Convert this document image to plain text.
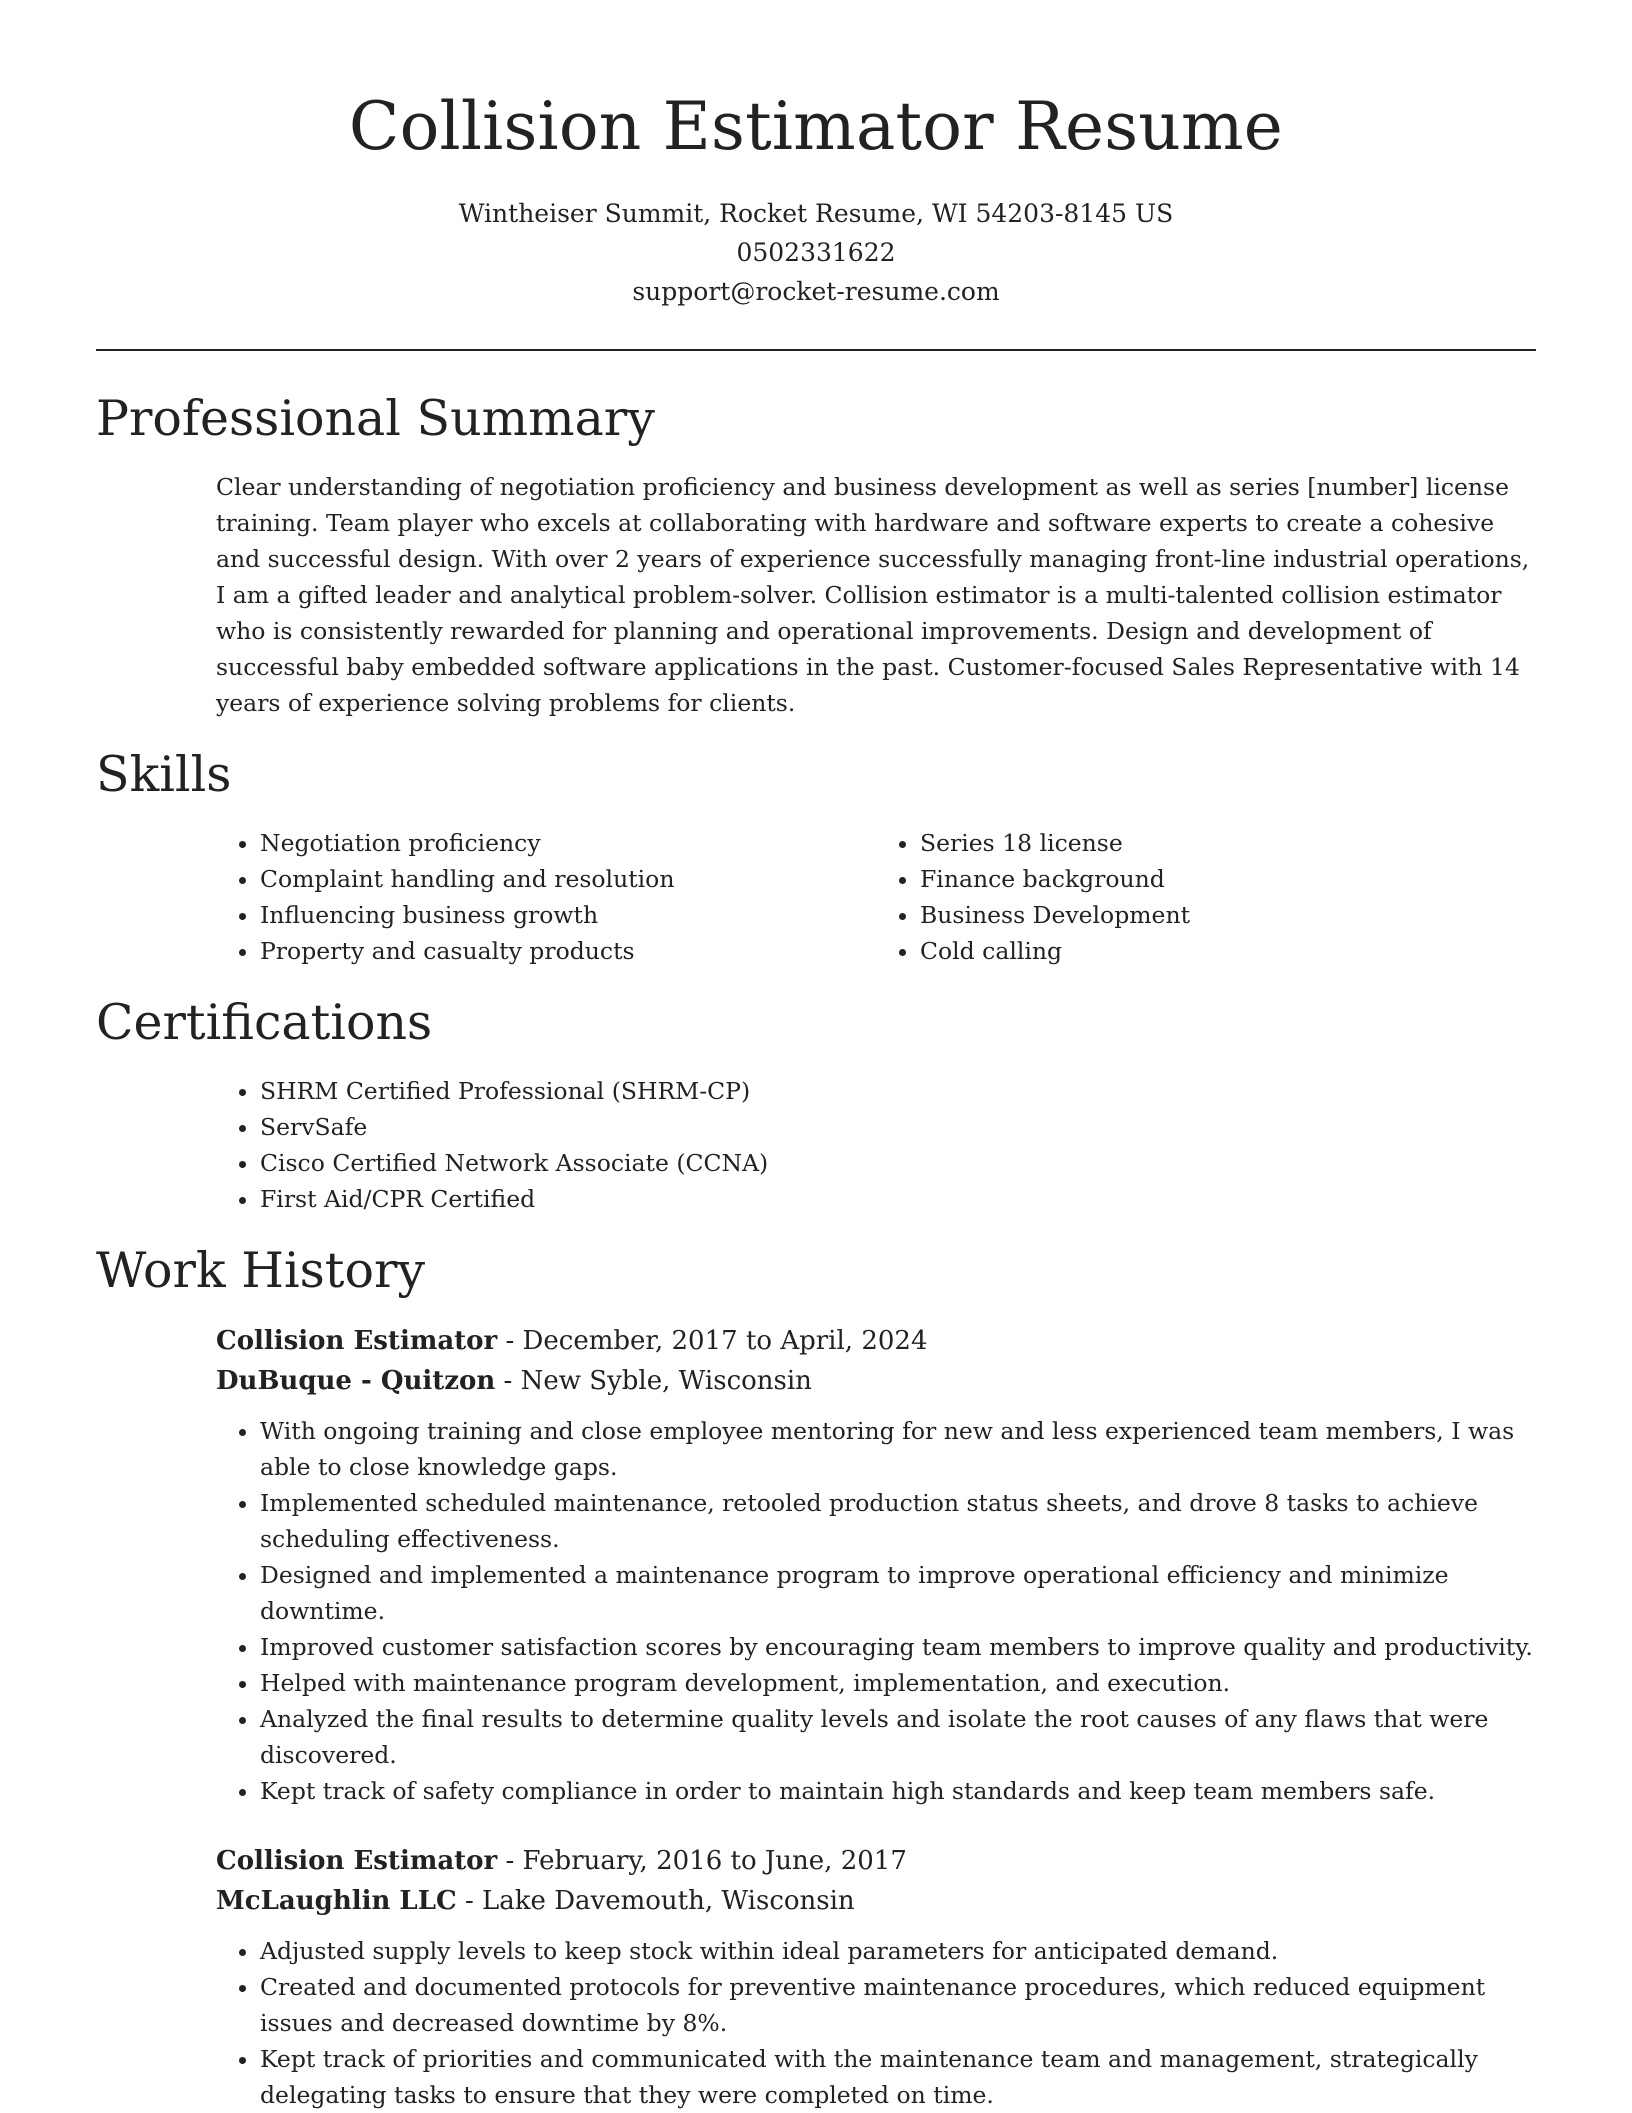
Collision Estimator Resume

Wintheiser Summit, Rocket Resume, WI 54203-8145 US

0502331622

support@rocket-resume.com

Professional Summary

Clear understanding of negotiation proficiency and business development as well as series [number] license training. Team player who excels at collaborating with hardware and software experts to create a cohesive and successful design. With over 2 years of experience successfully managing front-line industrial operations, I am a gifted leader and analytical problem-solver. Collision estimator is a multi-talented collision estimator who is consistently rewarded for planning and operational improvements. Design and development of successful baby embedded software applications in the past. Customer-focused Sales Representative with 14 years of experience solving problems for clients.

Skills
• Negotiation proficiency
• Complaint handling and resolution
• Influencing business growth
• Property and casualty products
• Series 18 license
• Finance background
• Business Development
• Cold calling
Certifications
• SHRM Certified Professional (SHRM-CP)
• ServSafe
• Cisco Certified Network Associate (CCNA)
• First Aid/CPR Certified
Work History

Collision Estimator - December, 2017 to April, 2024

DuBuque - Quitzon - New Syble, Wisconsin

• With ongoing training and close employee mentoring for new and less experienced team members, I was able to close knowledge gaps.
• Implemented scheduled maintenance, retooled production status sheets, and drove 8 tasks to achieve scheduling effectiveness.
• Designed and implemented a maintenance program to improve operational efficiency and minimize downtime.
• Improved customer satisfaction scores by encouraging team members to improve quality and productivity.
• Helped with maintenance program development, implementation, and execution.
• Analyzed the final results to determine quality levels and isolate the root causes of any flaws that were discovered.
• Kept track of safety compliance in order to maintain high standards and keep team members safe.

Collision Estimator - February, 2016 to June, 2017

McLaughlin LLC - Lake Davemouth, Wisconsin

• Adjusted supply levels to keep stock within ideal parameters for anticipated demand.
• Created and documented protocols for preventive maintenance procedures, which reduced equipment issues and decreased downtime by 8%.
• Kept track of priorities and communicated with the maintenance team and management, strategically delegating tasks to ensure that they were completed on time.
